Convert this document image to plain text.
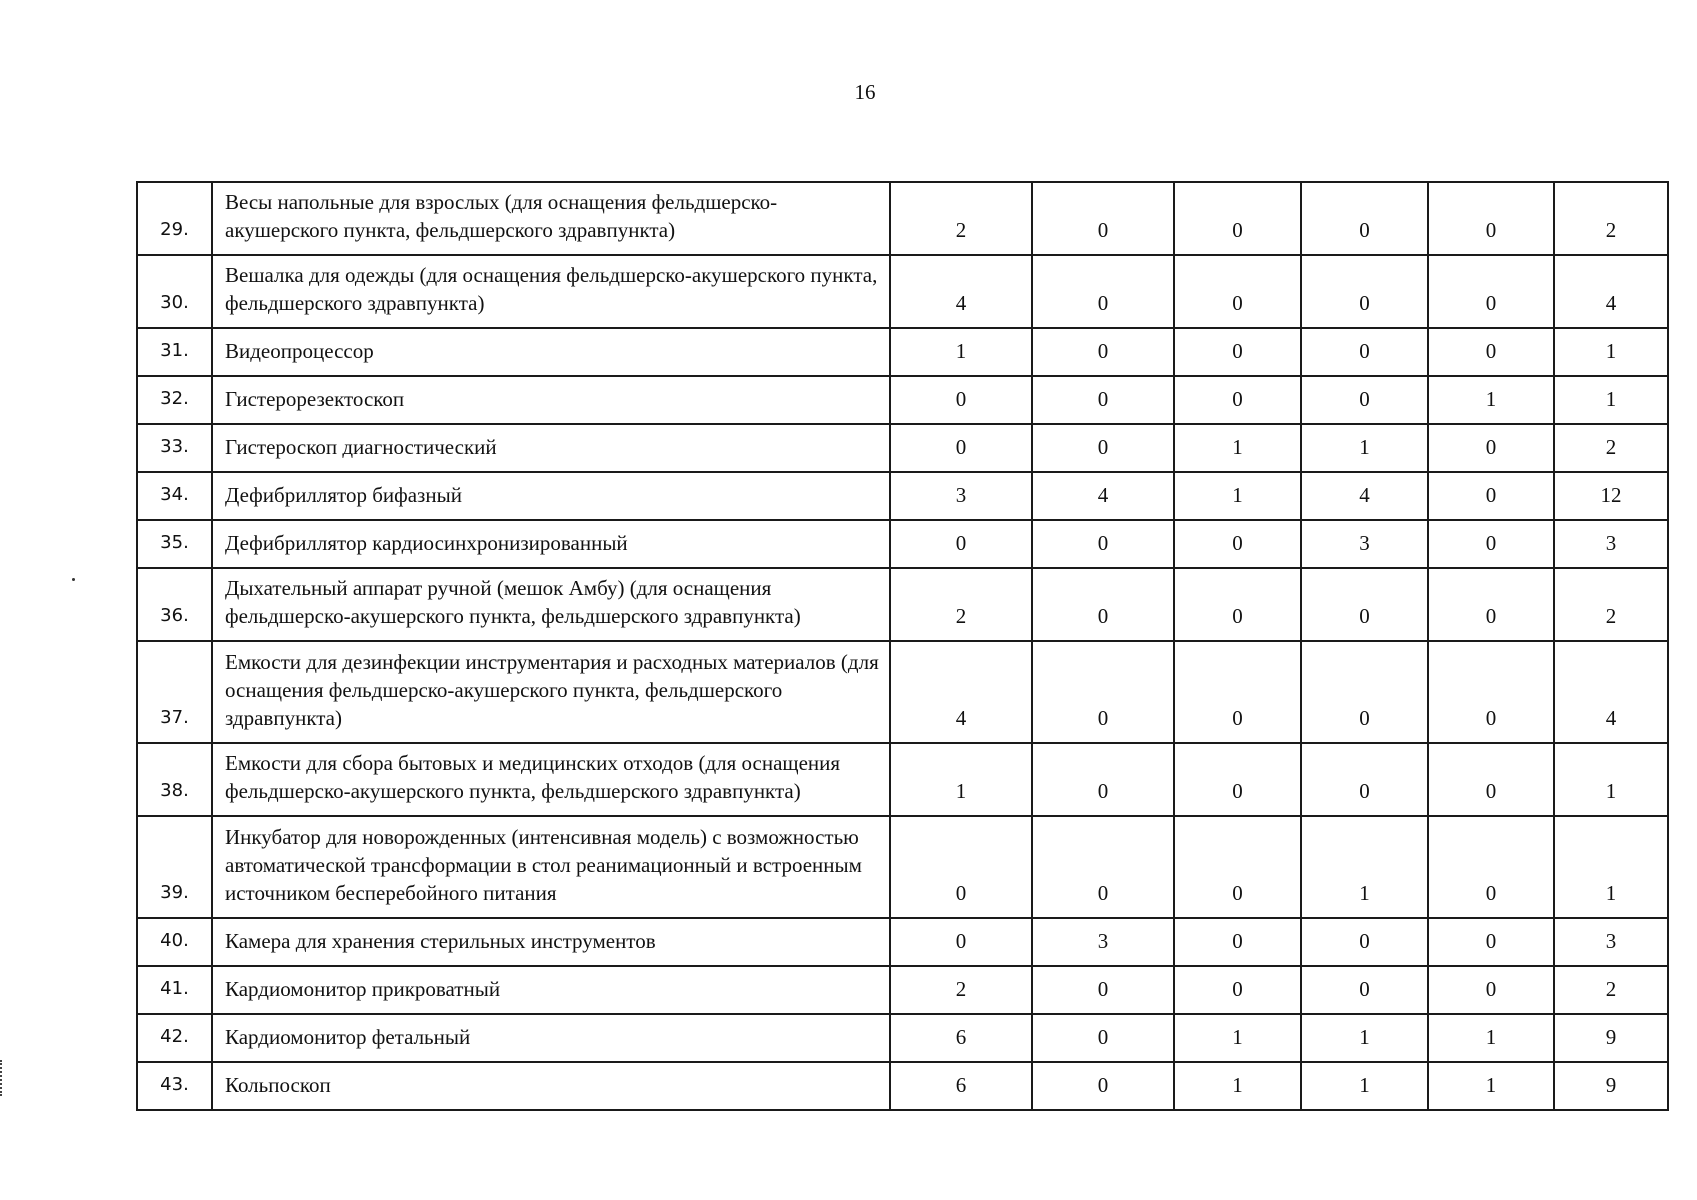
16
29.	Весы напольные для взрослых (для оснащения фельдшерско-акушерского пункта, фельдшерского здравпункта)	2	0	0	0	0	2
30.	Вешалка для одежды (для оснащения фельдшерско-акушерского пункта, фельдшерского здравпункта)	4	0	0	0	0	4
31.	Видеопроцессор	1	0	0	0	0	1
32.	Гистерорезектоскоп	0	0	0	0	1	1
33.	Гистероскоп диагностический	0	0	1	1	0	2
34.	Дефибриллятор бифазный	3	4	1	4	0	12
35.	Дефибриллятор кардиосинхронизированный	0	0	0	3	0	3
36.	Дыхательный аппарат ручной (мешок Амбу) (для оснащения фельдшерско-акушерского пункта, фельдшерского здравпункта)	2	0	0	0	0	2
37.	Емкости для дезинфекции инструментария и расходных материалов (для оснащения фельдшерско-акушерского пункта, фельдшерского здравпункта)	4	0	0	0	0	4
38.	Емкости для сбора бытовых и медицинских отходов (для оснащения фельдшерско-акушерского пункта, фельдшерского здравпункта)	1	0	0	0	0	1
39.	Инкубатор для новорожденных (интенсивная модель) с возможностью автоматической трансформации в стол реанимационный и встроенным источником бесперебойного питания	0	0	0	1	0	1
40.	Камера для хранения стерильных инструментов	0	3	0	0	0	3
41.	Кардиомонитор прикроватный	2	0	0	0	0	2
42.	Кардиомонитор фетальный	6	0	1	1	1	9
43.	Кольпоскоп	6	0	1	1	1	9
